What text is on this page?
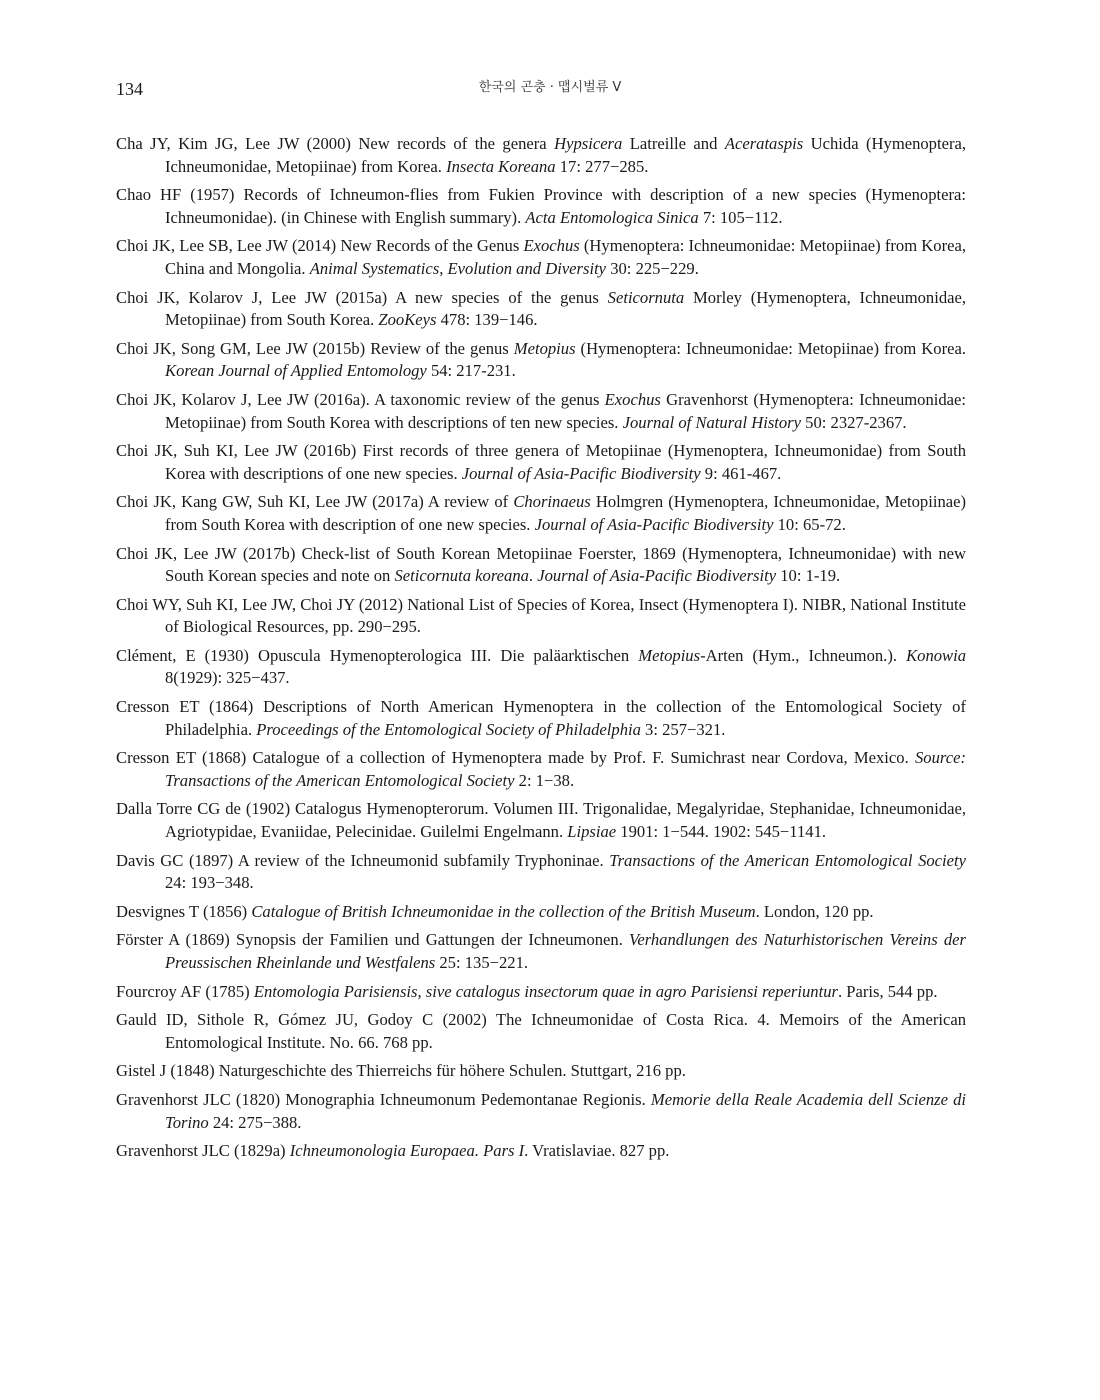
134	한국의 곤충 · 맵시벌류 V
Cha JY, Kim JG, Lee JW (2000) New records of the genera Hypsicera Latreille and Acerataspis Uchida (Hymenoptera, Ichneumonidae, Metopiinae) from Korea. Insecta Koreana 17: 277−285.
Chao HF (1957) Records of Ichneumon-flies from Fukien Province with description of a new species (Hymenoptera: Ichneumonidae). (in Chinese with English summary). Acta Entomologica Sinica 7: 105−112.
Choi JK, Lee SB, Lee JW (2014) New Records of the Genus Exochus (Hymenoptera: Ichneumonidae: Metopiinae) from Korea, China and Mongolia. Animal Systematics, Evolution and Diversity 30: 225−229.
Choi JK, Kolarov J, Lee JW (2015a) A new species of the genus Seticornuta Morley (Hymenoptera, Ichneumonidae, Metopiinae) from South Korea. ZooKeys 478: 139−146.
Choi JK, Song GM, Lee JW (2015b) Review of the genus Metopius (Hymenoptera: Ichneumonidae: Metopiinae) from Korea. Korean Journal of Applied Entomology 54: 217-231.
Choi JK, Kolarov J, Lee JW (2016a). A taxonomic review of the genus Exochus Gravenhorst (Hymenoptera: Ichneumonidae: Metopiinae) from South Korea with descriptions of ten new species. Journal of Natural History 50: 2327-2367.
Choi JK, Suh KI, Lee JW (2016b) First records of three genera of Metopiinae (Hymenoptera, Ichneumonidae) from South Korea with descriptions of one new species. Journal of Asia-Pacific Biodiversity 9: 461-467.
Choi JK, Kang GW, Suh KI, Lee JW (2017a) A review of Chorinaeus Holmgren (Hymenoptera, Ichneumonidae, Metopiinae) from South Korea with description of one new species. Journal of Asia-Pacific Biodiversity 10: 65-72.
Choi JK, Lee JW (2017b) Check-list of South Korean Metopiinae Foerster, 1869 (Hymenoptera, Ichneumonidae) with new South Korean species and note on Seticornuta koreana. Journal of Asia-Pacific Biodiversity 10: 1-19.
Choi WY, Suh KI, Lee JW, Choi JY (2012) National List of Species of Korea, Insect (Hymenoptera I). NIBR, National Institute of Biological Resources, pp. 290−295.
Clément, E (1930) Opuscula Hymenopterologica III. Die paläarktischen Metopius-Arten (Hym., Ichneumon.). Konowia 8(1929): 325−437.
Cresson ET (1864) Descriptions of North American Hymenoptera in the collection of the Entomological Society of Philadelphia. Proceedings of the Entomological Society of Philadelphia 3: 257−321.
Cresson ET (1868) Catalogue of a collection of Hymenoptera made by Prof. F. Sumichrast near Cordova, Mexico. Source: Transactions of the American Entomological Society 2: 1−38.
Dalla Torre CG de (1902) Catalogus Hymenopterorum. Volumen III. Trigonalidae, Megalyridae, Stephanidae, Ichneumonidae, Agriotypidae, Evaniidae, Pelecinidae. Guilelmi Engelmann. Lipsiae 1901: 1−544. 1902: 545−1141.
Davis GC (1897) A review of the Ichneumonid subfamily Tryphoninae. Transactions of the American Entomological Society 24: 193−348.
Desvignes T (1856) Catalogue of British Ichneumonidae in the collection of the British Museum. London, 120 pp.
Förster A (1869) Synopsis der Familien und Gattungen der Ichneumonen. Verhandlungen des Naturhistorischen Vereins der Preussischen Rheinlande und Westfalens 25: 135−221.
Fourcroy AF (1785) Entomologia Parisiensis, sive catalogus insectorum quae in agro Parisiensi reperiuntur. Paris, 544 pp.
Gauld ID, Sithole R, Gómez JU, Godoy C (2002) The Ichneumonidae of Costa Rica. 4. Memoirs of the American Entomological Institute. No. 66. 768 pp.
Gistel J (1848) Naturgeschichte des Thierreichs für höhere Schulen. Stuttgart, 216 pp.
Gravenhorst JLC (1820) Monographia Ichneumonum Pedemontanae Regionis. Memorie della Reale Academia dell Scienze di Torino 24: 275−388.
Gravenhorst JLC (1829a) Ichneumonologia Europaea. Pars I. Vratislaviae. 827 pp.
